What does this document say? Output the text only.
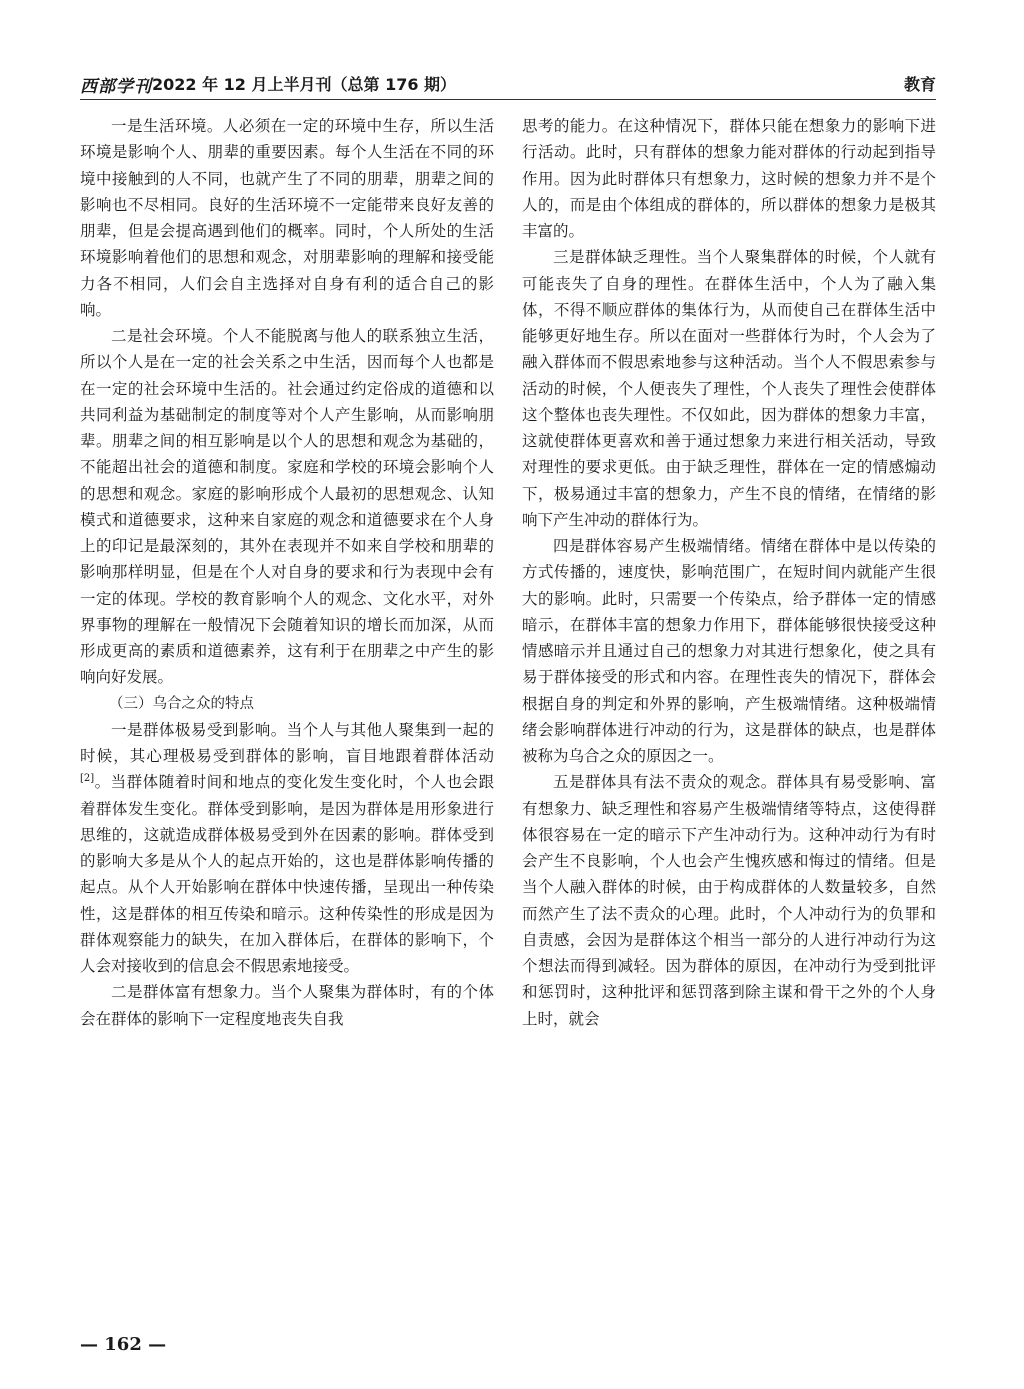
西部学刊 2022 年 12 月上半月刊（总第 176 期）	教育

一是生活环境。人必须在一定的环境中生存，所以生活环境是影响个人、朋辈的重要因素。每个人生活在不同的环境中接触到的人不同，也就产生了不同的朋辈，朋辈之间的影响也不尽相同。良好的生活环境不一定能带来良好友善的朋辈，但是会提高遇到他们的概率。同时，个人所处的生活环境影响着他们的思想和观念，对朋辈影响的理解和接受能力各不相同，人们会自主选择对自身有利的适合自己的影响。

二是社会环境。个人不能脱离与他人的联系独立生活，所以个人是在一定的社会关系之中生活，因而每个人也都是在一定的社会环境中生活的。社会通过约定俗成的道德和以共同利益为基础制定的制度等对个人产生影响，从而影响朋辈。朋辈之间的相互影响是以个人的思想和观念为基础的，不能超出社会的道德和制度。家庭和学校的环境会影响个人的思想和观念。家庭的影响形成个人最初的思想观念、认知模式和道德要求，这种来自家庭的观念和道德要求在个人身上的印记是最深刻的，其外在表现并不如来自学校和朋辈的影响那样明显，但是在个人对自身的要求和行为表现中会有一定的体现。学校的教育影响个人的观念、文化水平，对外界事物的理解在一般情况下会随着知识的增长而加深，从而形成更高的素质和道德素养，这有利于在朋辈之中产生的影响向好发展。

（三）乌合之众的特点

一是群体极易受到影响。当个人与其他人聚集到一起的时候，其心理极易受到群体的影响，盲目地跟着群体活动[2]。当群体随着时间和地点的变化发生变化时，个人也会跟着群体发生变化。群体受到影响，是因为群体是用形象进行思维的，这就造成群体极易受到外在因素的影响。群体受到的影响大多是从个人的起点开始的，这也是群体影响传播的起点。从个人开始影响在群体中快速传播，呈现出一种传染性，这是群体的相互传染和暗示。这种传染性的形成是因为群体观察能力的缺失，在加入群体后，在群体的影响下，个人会对接收到的信息会不假思索地接受。

二是群体富有想象力。当个人聚集为群体时，有的个体会在群体的影响下一定程度地丧失自我

思考的能力。在这种情况下，群体只能在想象力的影响下进行活动。此时，只有群体的想象力能对群体的行动起到指导作用。因为此时群体只有想象力，这时候的想象力并不是个人的，而是由个体组成的群体的，所以群体的想象力是极其丰富的。

三是群体缺乏理性。当个人聚集群体的时候，个人就有可能丧失了自身的理性。在群体生活中，个人为了融入集体，不得不顺应群体的集体行为，从而使自己在群体生活中能够更好地生存。所以在面对一些群体行为时，个人会为了融入群体而不假思索地参与这种活动。当个人不假思索参与活动的时候，个人便丧失了理性，个人丧失了理性会使群体这个整体也丧失理性。不仅如此，因为群体的想象力丰富，这就使群体更喜欢和善于通过想象力来进行相关活动，导致对理性的要求更低。由于缺乏理性，群体在一定的情感煽动下，极易通过丰富的想象力，产生不良的情绪，在情绪的影响下产生冲动的群体行为。

四是群体容易产生极端情绪。情绪在群体中是以传染的方式传播的，速度快，影响范围广，在短时间内就能产生很大的影响。此时，只需要一个传染点，给予群体一定的情感暗示，在群体丰富的想象力作用下，群体能够很快接受这种情感暗示并且通过自己的想象力对其进行想象化，使之具有易于群体接受的形式和内容。在理性丧失的情况下，群体会根据自身的判定和外界的影响，产生极端情绪。这种极端情绪会影响群体进行冲动的行为，这是群体的缺点，也是群体被称为乌合之众的原因之一。

五是群体具有法不责众的观念。群体具有易受影响、富有想象力、缺乏理性和容易产生极端情绪等特点，这使得群体很容易在一定的暗示下产生冲动行为。这种冲动行为有时会产生不良影响，个人也会产生愧疚感和悔过的情绪。但是当个人融入群体的时候，由于构成群体的人数量较多，自然而然产生了法不责众的心理。此时，个人冲动行为的负罪和自责感，会因为是群体这个相当一部分的人进行冲动行为这个想法而得到减轻。因为群体的原因，在冲动行为受到批评和惩罚时，这种批评和惩罚落到除主谋和骨干之外的个人身上时，就会

— 162 —
